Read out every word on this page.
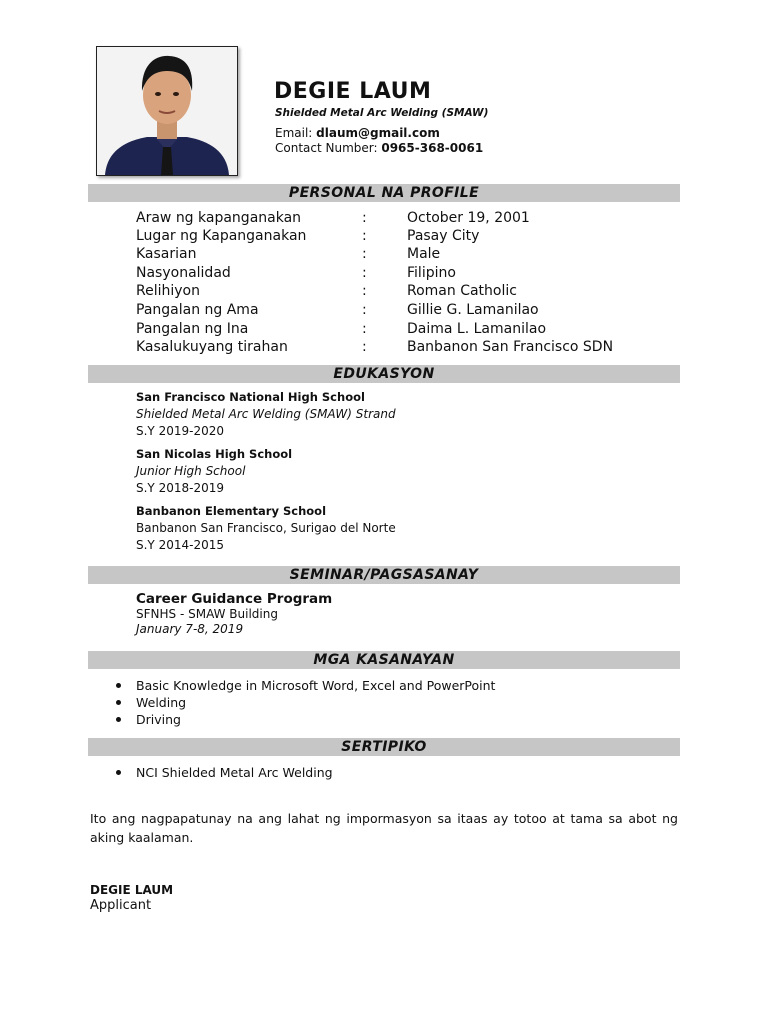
DEGIE LAUM
Shielded Metal Arc Welding (SMAW)
Email: dlaum@gmail.com
Contact Number: 0965-368-0061
PERSONAL NA PROFILE
Araw ng kapanganakan	:	October 19, 2001
Lugar ng Kapanganakan	:	Pasay City
Kasarian	:	Male
Nasyonalidad	:	Filipino
Relihiyon	:	Roman Catholic
Pangalan ng Ama	:	Gillie G. Lamanilao
Pangalan ng Ina	:	Daima L. Lamanilao
Kasalukuyang tirahan	:	Banbanon San Francisco SDN
EDUKASYON
San Francisco National High School
Shielded Metal Arc Welding (SMAW) Strand
S.Y 2019-2020
San Nicolas High School
Junior High School
S.Y 2018-2019
Banbanon Elementary School
Banbanon San Francisco, Surigao del Norte
S.Y 2014-2015
SEMINAR/PAGSASANAY
Career Guidance Program
SFNHS - SMAW Building
January 7-8, 2019
MGA KASANAYAN
Basic Knowledge in Microsoft Word, Excel and PowerPoint
Welding
Driving
SERTIPIKO
NCI Shielded Metal Arc Welding
Ito ang nagpapatunay na ang lahat ng impormasyon sa itaas ay totoo at tama sa abot ng aking kaalaman.
DEGIE LAUM
Applicant
